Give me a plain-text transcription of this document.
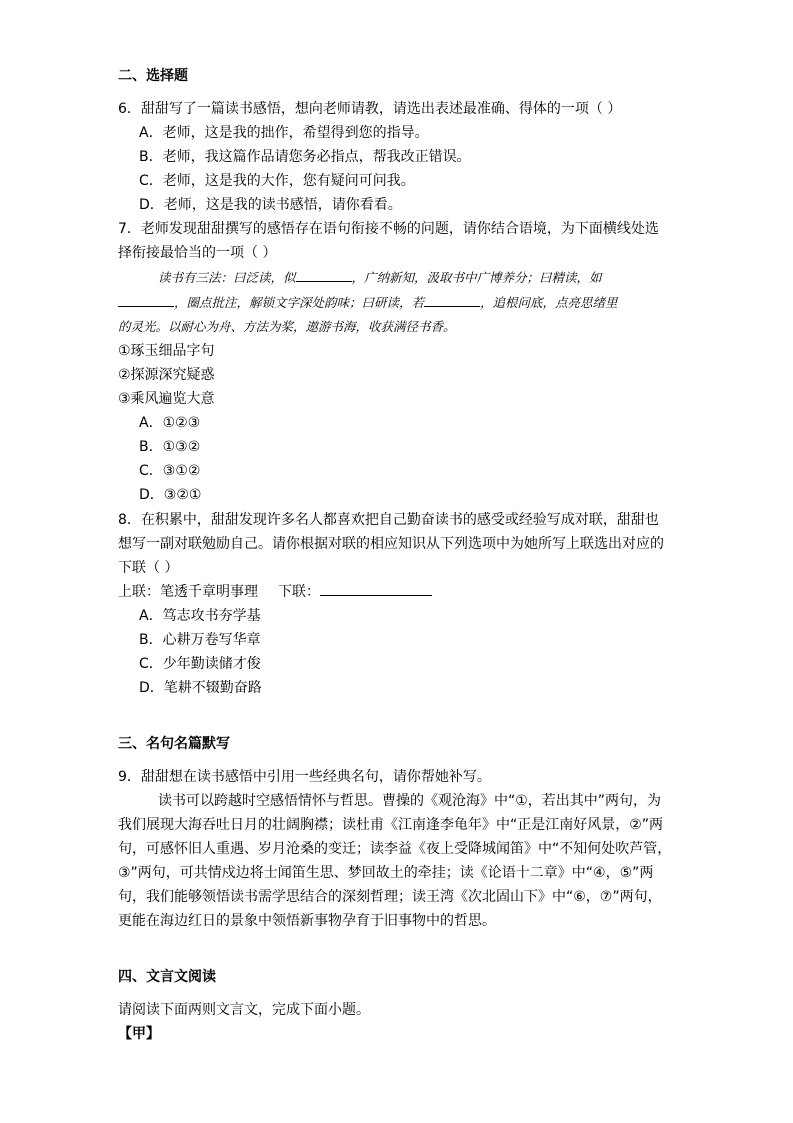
二、选择题
6．甜甜写了一篇读书感悟，想向老师请教，请选出表述最准确、得体的一项（ ）
A．老师，这是我的拙作，希望得到您的指导。
B．老师，我这篇作品请您务必指点，帮我改正错误。
C．老师，这是我的大作，您有疑问可问我。
D．老师，这是我的读书感悟，请你看看。
7．老师发现甜甜撰写的感悟存在语句衔接不畅的问题，请你结合语境，为下面横线处选
择衔接最恰当的一项（ ）
读书有三法：曰泛读，似	，广纳新知，汲取书中广博养分；曰精读，如
，圈点批注，解锁文字深处韵味；曰研读，若	，追根问底，点亮思绪里
的灵光。以耐心为舟、方法为桨，遨游书海，收获满径书香。
①琢玉细品字句
②探源深究疑惑
③乘风遍览大意
A．①②③
B．①③②
C．③①②
D．③②①
8．在积累中，甜甜发现许多名人都喜欢把自己勤奋读书的感受或经验写成对联，甜甜也
想写一副对联勉励自己。请你根据对联的相应知识从下列选项中为她所写上联选出对应的
下联（ ）
上联：笔透千章明事理 下联：
A．笃志攻书夯学基
B．心耕万卷写华章
C．少年勤读储才俊
D．笔耕不辍勤奋路
三、名句名篇默写
9．甜甜想在读书感悟中引用一些经典名句，请你帮她补写。
读书可以跨越时空感悟情怀与哲思。曹操的《观沧海》中“①，若出其中”两句，为
我们展现大海吞吐日月的壮阔胸襟；读杜甫《江南逢李龟年》中“正是江南好风景，②”两
句，可感怀旧人重遇、岁月沧桑的变迁；读李益《夜上受降城闻笛》中“不知何处吹芦管，
③”两句，可共情戍边将士闻笛生思、梦回故土的牵挂；读《论语十二章》中“④，⑤”两
句，我们能够领悟读书需学思结合的深刻哲理；读王湾《次北固山下》中“⑥，⑦”两句，
更能在海边红日的景象中领悟新事物孕育于旧事物中的哲思。
四、文言文阅读
请阅读下面两则文言文，完成下面小题。
【甲】
